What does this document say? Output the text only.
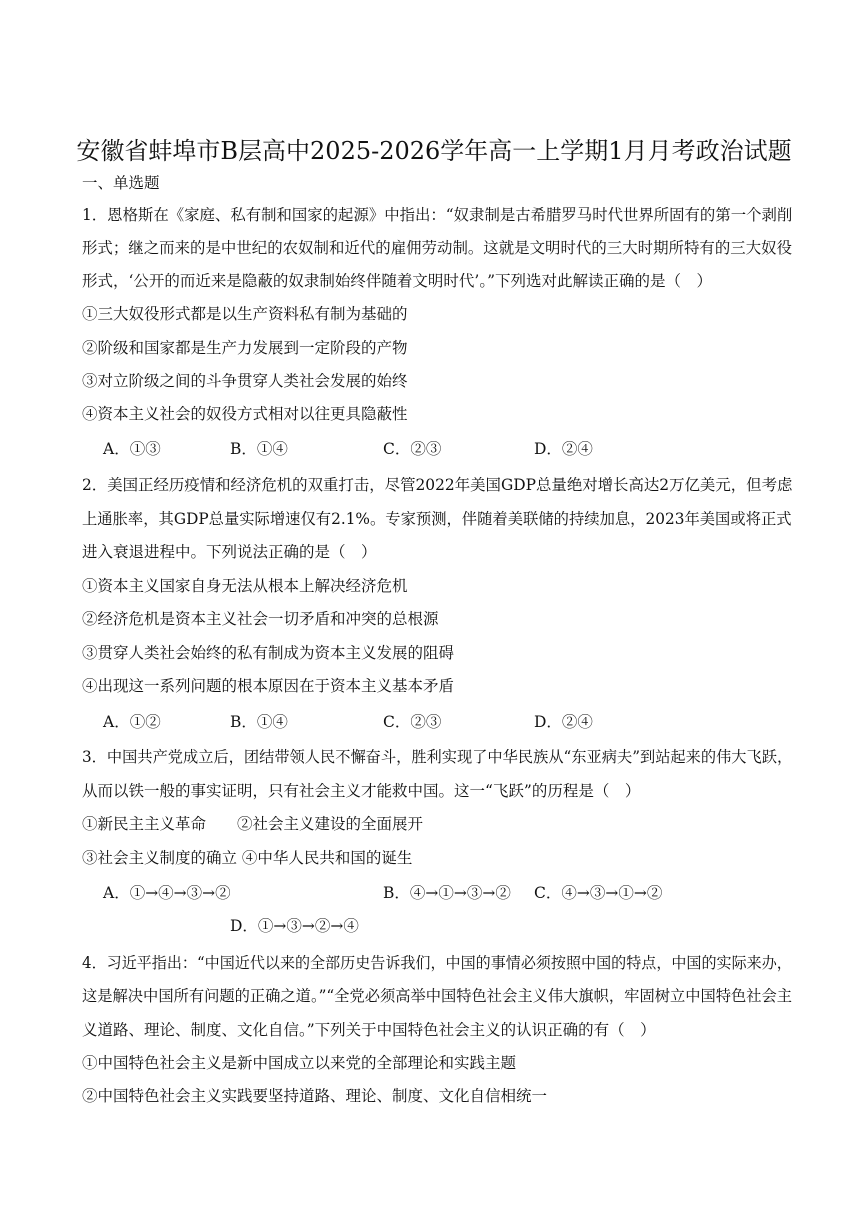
安徽省蚌埠市B层高中2025-2026学年高一上学期1月月考政治试题
一、单选题
1．恩格斯在《家庭、私有制和国家的起源》中指出：“奴隶制是古希腊罗马时代世界所固有的第一个剥削
形式；继之而来的是中世纪的农奴制和近代的雇佣劳动制。这就是文明时代的三大时期所特有的三大奴役
形式，‘公开的而近来是隐蔽的奴隶制始终伴随着文明时代’。”下列选对此解读正确的是（　）
①三大奴役形式都是以生产资料私有制为基础的
②阶级和国家都是生产力发展到一定阶段的产物
③对立阶级之间的斗争贯穿人类社会发展的始终
④资本主义社会的奴役方式相对以往更具隐蔽性
A．①③	B．①④	C．②③	D．②④
2．美国正经历疫情和经济危机的双重打击，尽管2022年美国GDP总量绝对增长高达2万亿美元，但考虑
上通胀率，其GDP总量实际增速仅有2.1%。专家预测，伴随着美联储的持续加息，2023年美国或将正式
进入衰退进程中。下列说法正确的是（　）
①资本主义国家自身无法从根本上解决经济危机
②经济危机是资本主义社会一切矛盾和冲突的总根源
③贯穿人类社会始终的私有制成为资本主义发展的阻碍
④出现这一系列问题的根本原因在于资本主义基本矛盾
A．①②	B．①④	C．②③	D．②④
3．中国共产党成立后，团结带领人民不懈奋斗，胜利实现了中华民族从“东亚病夫”到站起来的伟大飞跃，
从而以铁一般的事实证明，只有社会主义才能救中国。这一“飞跃”的历程是（　）
①新民主主义革命　　②社会主义建设的全面展开
③社会主义制度的确立 ④中华人民共和国的诞生
A．①→④→③→②	B．④→①→③→② C．④→③→①→②
D．①→③→②→④
4．习近平指出：“中国近代以来的全部历史告诉我们，中国的事情必须按照中国的特点，中国的实际来办，
这是解决中国所有问题的正确之道。”“全党必须高举中国特色社会主义伟大旗帜，牢固树立中国特色社会主
义道路、理论、制度、文化自信。”下列关于中国特色社会主义的认识正确的有（　）
①中国特色社会主义是新中国成立以来党的全部理论和实践主题
②中国特色社会主义实践要坚持道路、理论、制度、文化自信相统一
